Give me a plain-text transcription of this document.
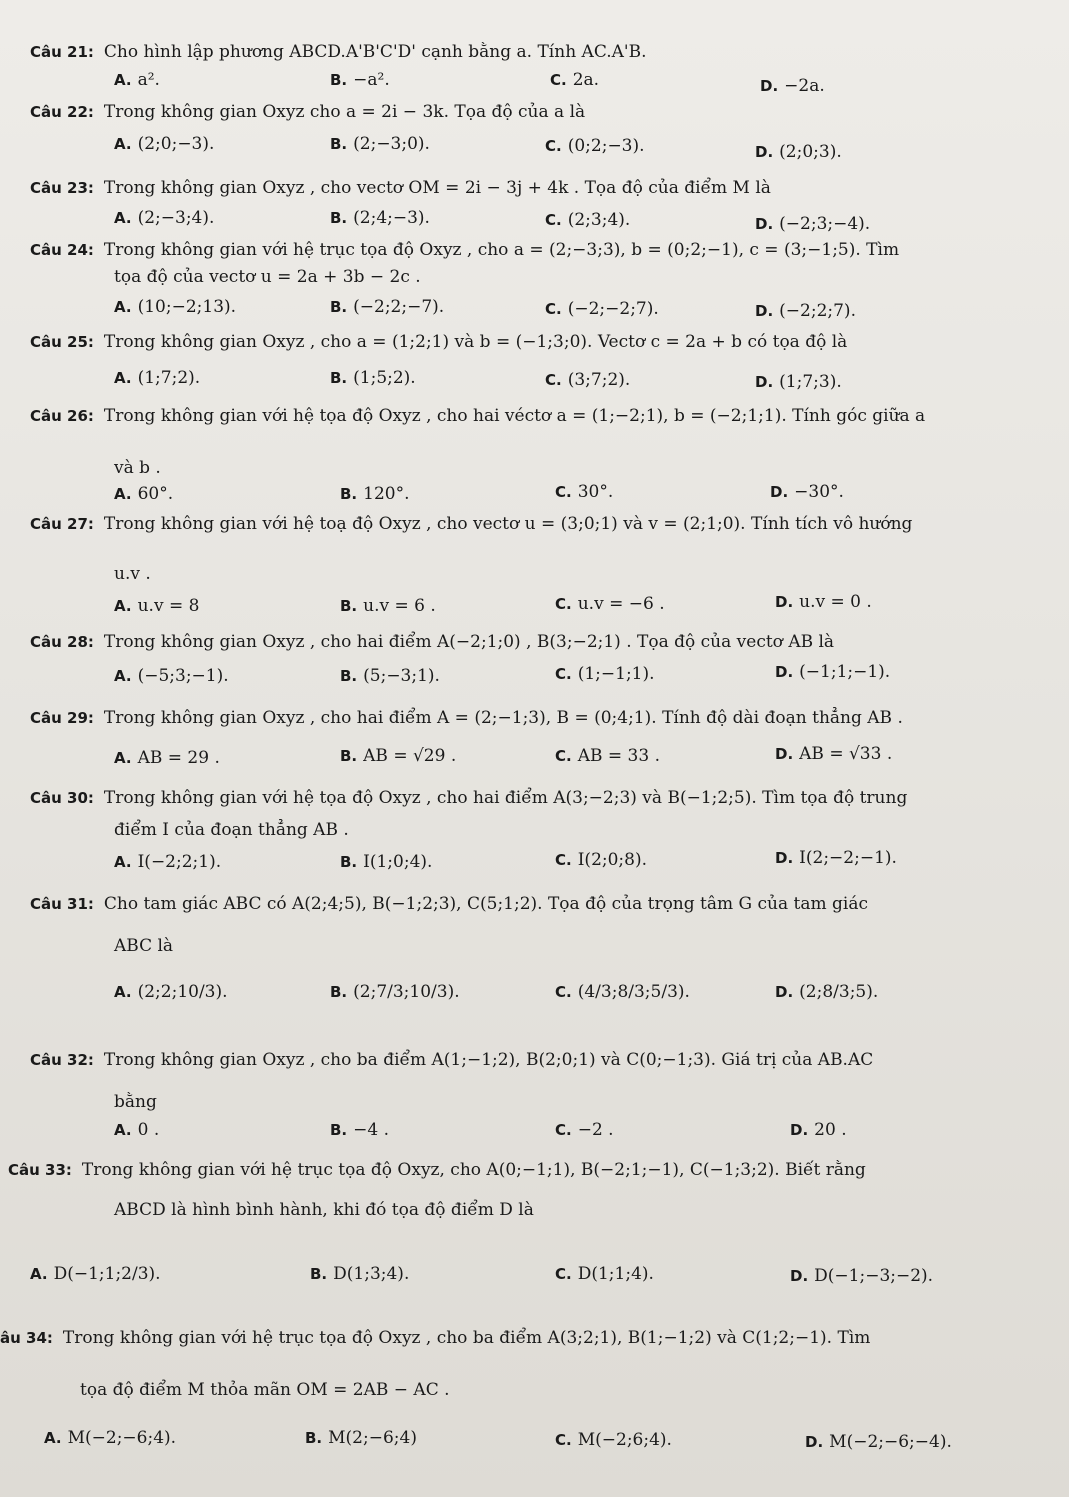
Câu 21: Cho hình lập phương ABCD.A'B'C'D' cạnh bằng a. Tính AC.A'B.
A. a².	B. −a².	C. 2a.	D. −2a.
Câu 22: Trong không gian Oxyz cho a = 2i − 3k. Tọa độ của a là
A. (2;0;−3).	B. (2;−3;0).	C. (0;2;−3).	D. (2;0;3).
Câu 23: Trong không gian Oxyz , cho vectơ OM = 2i − 3j + 4k . Tọa độ của điểm M là
A. (2;−3;4).	B. (2;4;−3).	C. (2;3;4).	D. (−2;3;−4).
Câu 24: Trong không gian với hệ trục tọa độ Oxyz , cho a = (2;−3;3), b = (0;2;−1), c = (3;−1;5). Tìm
tọa độ của vectơ u = 2a + 3b − 2c .
A. (10;−2;13).	B. (−2;2;−7).	C. (−2;−2;7).	D. (−2;2;7).
Câu 25: Trong không gian Oxyz , cho a = (1;2;1) và b = (−1;3;0). Vectơ c = 2a + b có tọa độ là
A. (1;7;2).	B. (1;5;2).	C. (3;7;2).	D. (1;7;3).
Câu 26: Trong không gian với hệ tọa độ Oxyz , cho hai véctơ a = (1;−2;1), b = (−2;1;1). Tính góc giữa a
và b .
A. 60°.	B. 120°.	C. 30°.	D. −30°.
Câu 27: Trong không gian với hệ toạ độ Oxyz , cho vectơ u = (3;0;1) và v = (2;1;0). Tính tích vô hướng
u.v .
A. u.v = 8	B. u.v = 6 .	C. u.v = −6 .	D. u.v = 0 .
Câu 28: Trong không gian Oxyz , cho hai điểm A(−2;1;0) , B(3;−2;1) . Tọa độ của vectơ AB là
A. (−5;3;−1).	B. (5;−3;1).	C. (1;−1;1).	D. (−1;1;−1).
Câu 29: Trong không gian Oxyz , cho hai điểm A = (2;−1;3), B = (0;4;1). Tính độ dài đoạn thẳng AB .
A. AB = 29 .	B. AB = √29 .	C. AB = 33 .	D. AB = √33 .
Câu 30: Trong không gian với hệ tọa độ Oxyz , cho hai điểm A(3;−2;3) và B(−1;2;5). Tìm tọa độ trung
điểm I của đoạn thẳng AB .
A. I(−2;2;1).	B. I(1;0;4).	C. I(2;0;8).	D. I(2;−2;−1).
Câu 31: Cho tam giác ABC có A(2;4;5), B(−1;2;3), C(5;1;2). Tọa độ của trọng tâm G của tam giác
ABC là
A. (2;2;10/3).	B. (2;7/3;10/3).	C. (4/3;8/3;5/3).	D. (2;8/3;5).
Câu 32: Trong không gian Oxyz , cho ba điểm A(1;−1;2), B(2;0;1) và C(0;−1;3). Giá trị của AB.AC
bằng
A. 0 .	B. −4 .	C. −2 .	D. 20 .
Câu 33: Trong không gian với hệ trục tọa độ Oxyz, cho A(0;−1;1), B(−2;1;−1), C(−1;3;2). Biết rằng
ABCD là hình bình hành, khi đó tọa độ điểm D là
A. D(−1;1;2/3).	B. D(1;3;4).	C. D(1;1;4).	D. D(−1;−3;−2).
âu 34: Trong không gian với hệ trục tọa độ Oxyz , cho ba điểm A(3;2;1), B(1;−1;2) và C(1;2;−1). Tìm
tọa độ điểm M thỏa mãn OM = 2AB − AC .
A. M(−2;−6;4).	B. M(2;−6;4)	C. M(−2;6;4).	D. M(−2;−6;−4).
